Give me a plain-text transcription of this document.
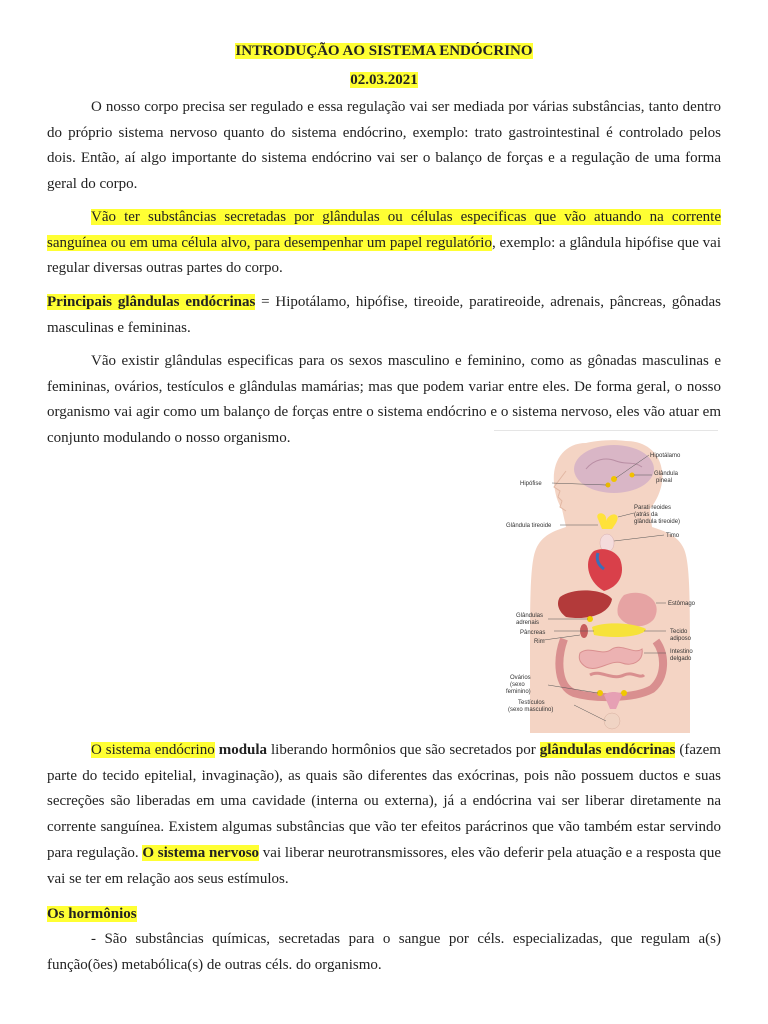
INTRODUÇÃO AO SISTEMA ENDÓCRINO

02.03.2021

O nosso corpo precisa ser regulado e essa regulação vai ser mediada por várias substâncias, tanto dentro do próprio sistema nervoso quanto do sistema endócrino, exemplo: trato gastrointestinal é controlado pelos dois. Então, aí algo importante do sistema endócrino vai ser o balanço de forças e a regulação de uma forma geral do corpo.

Vão ter substâncias secretadas por glândulas ou células especificas que vão atuando na corrente sanguínea ou em uma célula alvo, para desempenhar um papel regulatório, exemplo: a glândula hipófise que vai regular diversas outras partes do corpo.

Principais glândulas endócrinas = Hipotálamo, hipófise, tireoide, paratireoide, adrenais, pâncreas, gônadas masculinas e femininas.

Vão existir glândulas especificas para os sexos masculino e feminino, como as gônadas masculinas e femininas, ovários, testículos e glândulas mamárias; mas que podem variar entre eles. De forma geral, o nosso organismo vai agir como um balanço de forças entre o sistema endócrino e o sistema nervoso, eles vão atuar em conjunto modulando o nosso organismo.

Hipotálamo
Glândula
pineal
Hipófise
Parati reoides
(atrás da
glândula tireoide)
Glândula tireoide
Timo
Estômago
Glândulas
adrenais
Pâncreas
Rim
Tecido
adiposo
Intestino
delgado
Ovários
(sexo
feminino)
Testículos
(sexo masculino)

O sistema endócrino modula liberando hormônios que são secretados por glândulas endócrinas (fazem parte do tecido epitelial, invaginação), as quais são diferentes das exócrinas, pois não possuem ductos e suas secreções são liberadas em uma cavidade (interna ou externa), já a endócrina vai ser liberar diretamente na corrente sanguínea. Existem algumas substâncias que vão ter efeitos parácrinos que vão também estar servindo para regulação. O sistema nervoso vai liberar neurotransmissores, eles vão deferir pela atuação e a resposta que vai se ter em relação aos seus estímulos.

Os hormônios

- São substâncias químicas, secretadas para o sangue por céls. especializadas, que regulam a(s) função(ões) metabólica(s) de outras céls. do organismo.
